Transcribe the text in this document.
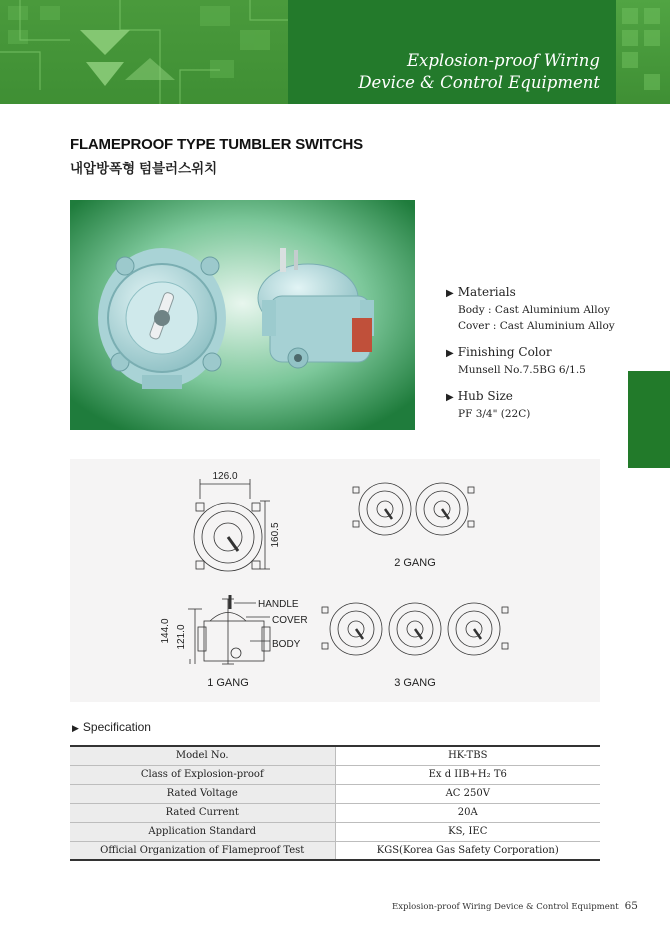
Explosion-proof Wiring
Device & Control Equipment
FLAMEPROOF TYPE TUMBLER SWITCHS
내압방폭형 텀블러스위치
▶ Materials
Body : Cast Aluminium Alloy
Cover : Cast Aluminium Alloy
▶ Finishing Color
Munsell No.7.5BG 6/1.5
▶ Hub Size
PF 3/4" (22C)
126.0
160.5
2 GANG
144.0 121.0
HANDLE
COVER
BODY
1 GANG	3 GANG
▶ Specification
Model No.	HK-TBS
Class of Explosion-proof	Ex d IIB+H₂ T6
Rated Voltage	AC 250V
Rated Current	20A
Application Standard	KS, IEC
Official Organization of Flameproof Test	KGS(Korea Gas Safety Corporation)
Explosion-proof Wiring Device & Control Equipment 65
